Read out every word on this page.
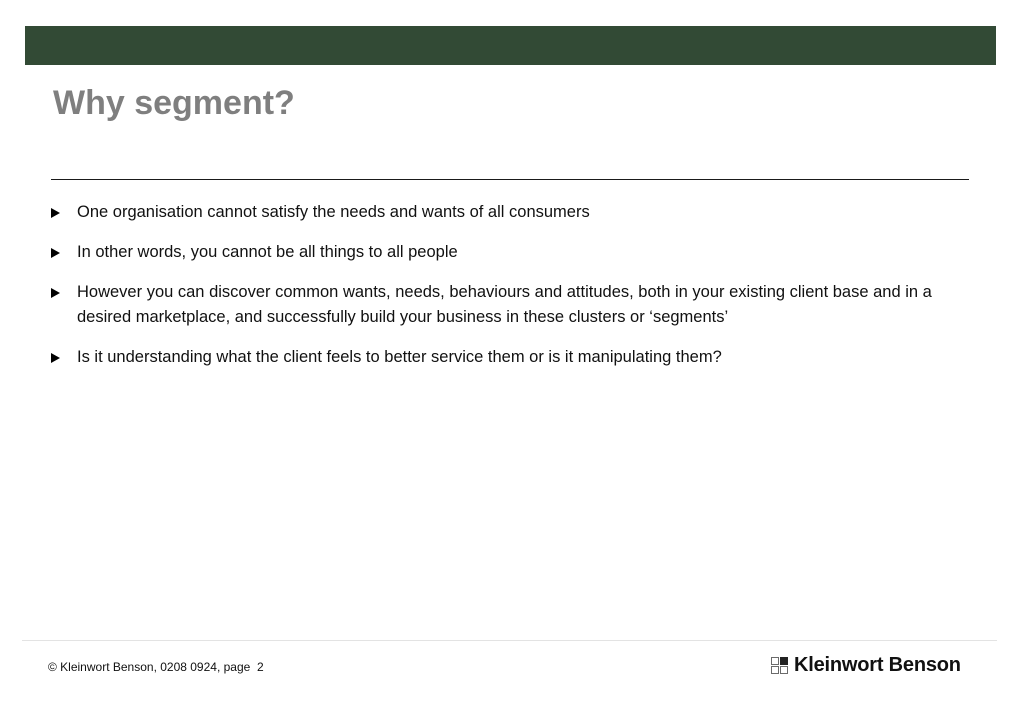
Why segment?
One organisation cannot satisfy the needs and wants of all consumers
In other words, you cannot be all things to all people
However you can discover common wants, needs, behaviours and attitudes, both in your existing client base and in a desired marketplace, and successfully build your business in these clusters or ‘segments’
Is it understanding what the client feels to better service them or is it manipulating them?
© Kleinwort Benson, 0208 0924, page  2	Kleinwort Benson
